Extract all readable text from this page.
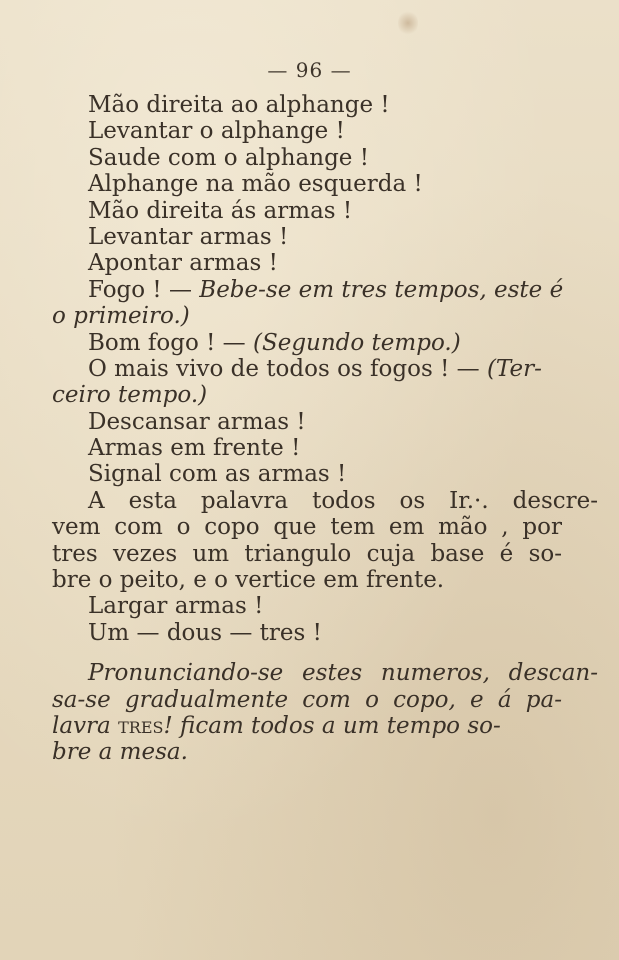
— 96 —
Mão direita ao alphange !
Levantar o alphange !
Saude com o alphange !
Alphange na mão esquerda !
Mão direita ás armas !
Levantar armas !
Apontar armas !
Fogo ! — Bebe-se em tres tempos, este é
o primeiro.)
Bom fogo ! — (Segundo tempo.)
O mais vivo de todos os fogos ! — (Ter-
ceiro tempo.)
Descansar armas !
Armas em frente !
Signal com as armas !
A esta palavra todos os Ir.·. descre-
vem com o copo que tem em mão , por
tres vezes um triangulo cuja base é so-
bre o peito, e o vertice em frente.
Largar armas !
Um — dous — tres !
Pronunciando-se estes numeros, descan-
sa-se gradualmente com o copo, e á pa-
lavra tres! ficam todos a um tempo so-
bre a mesa.
